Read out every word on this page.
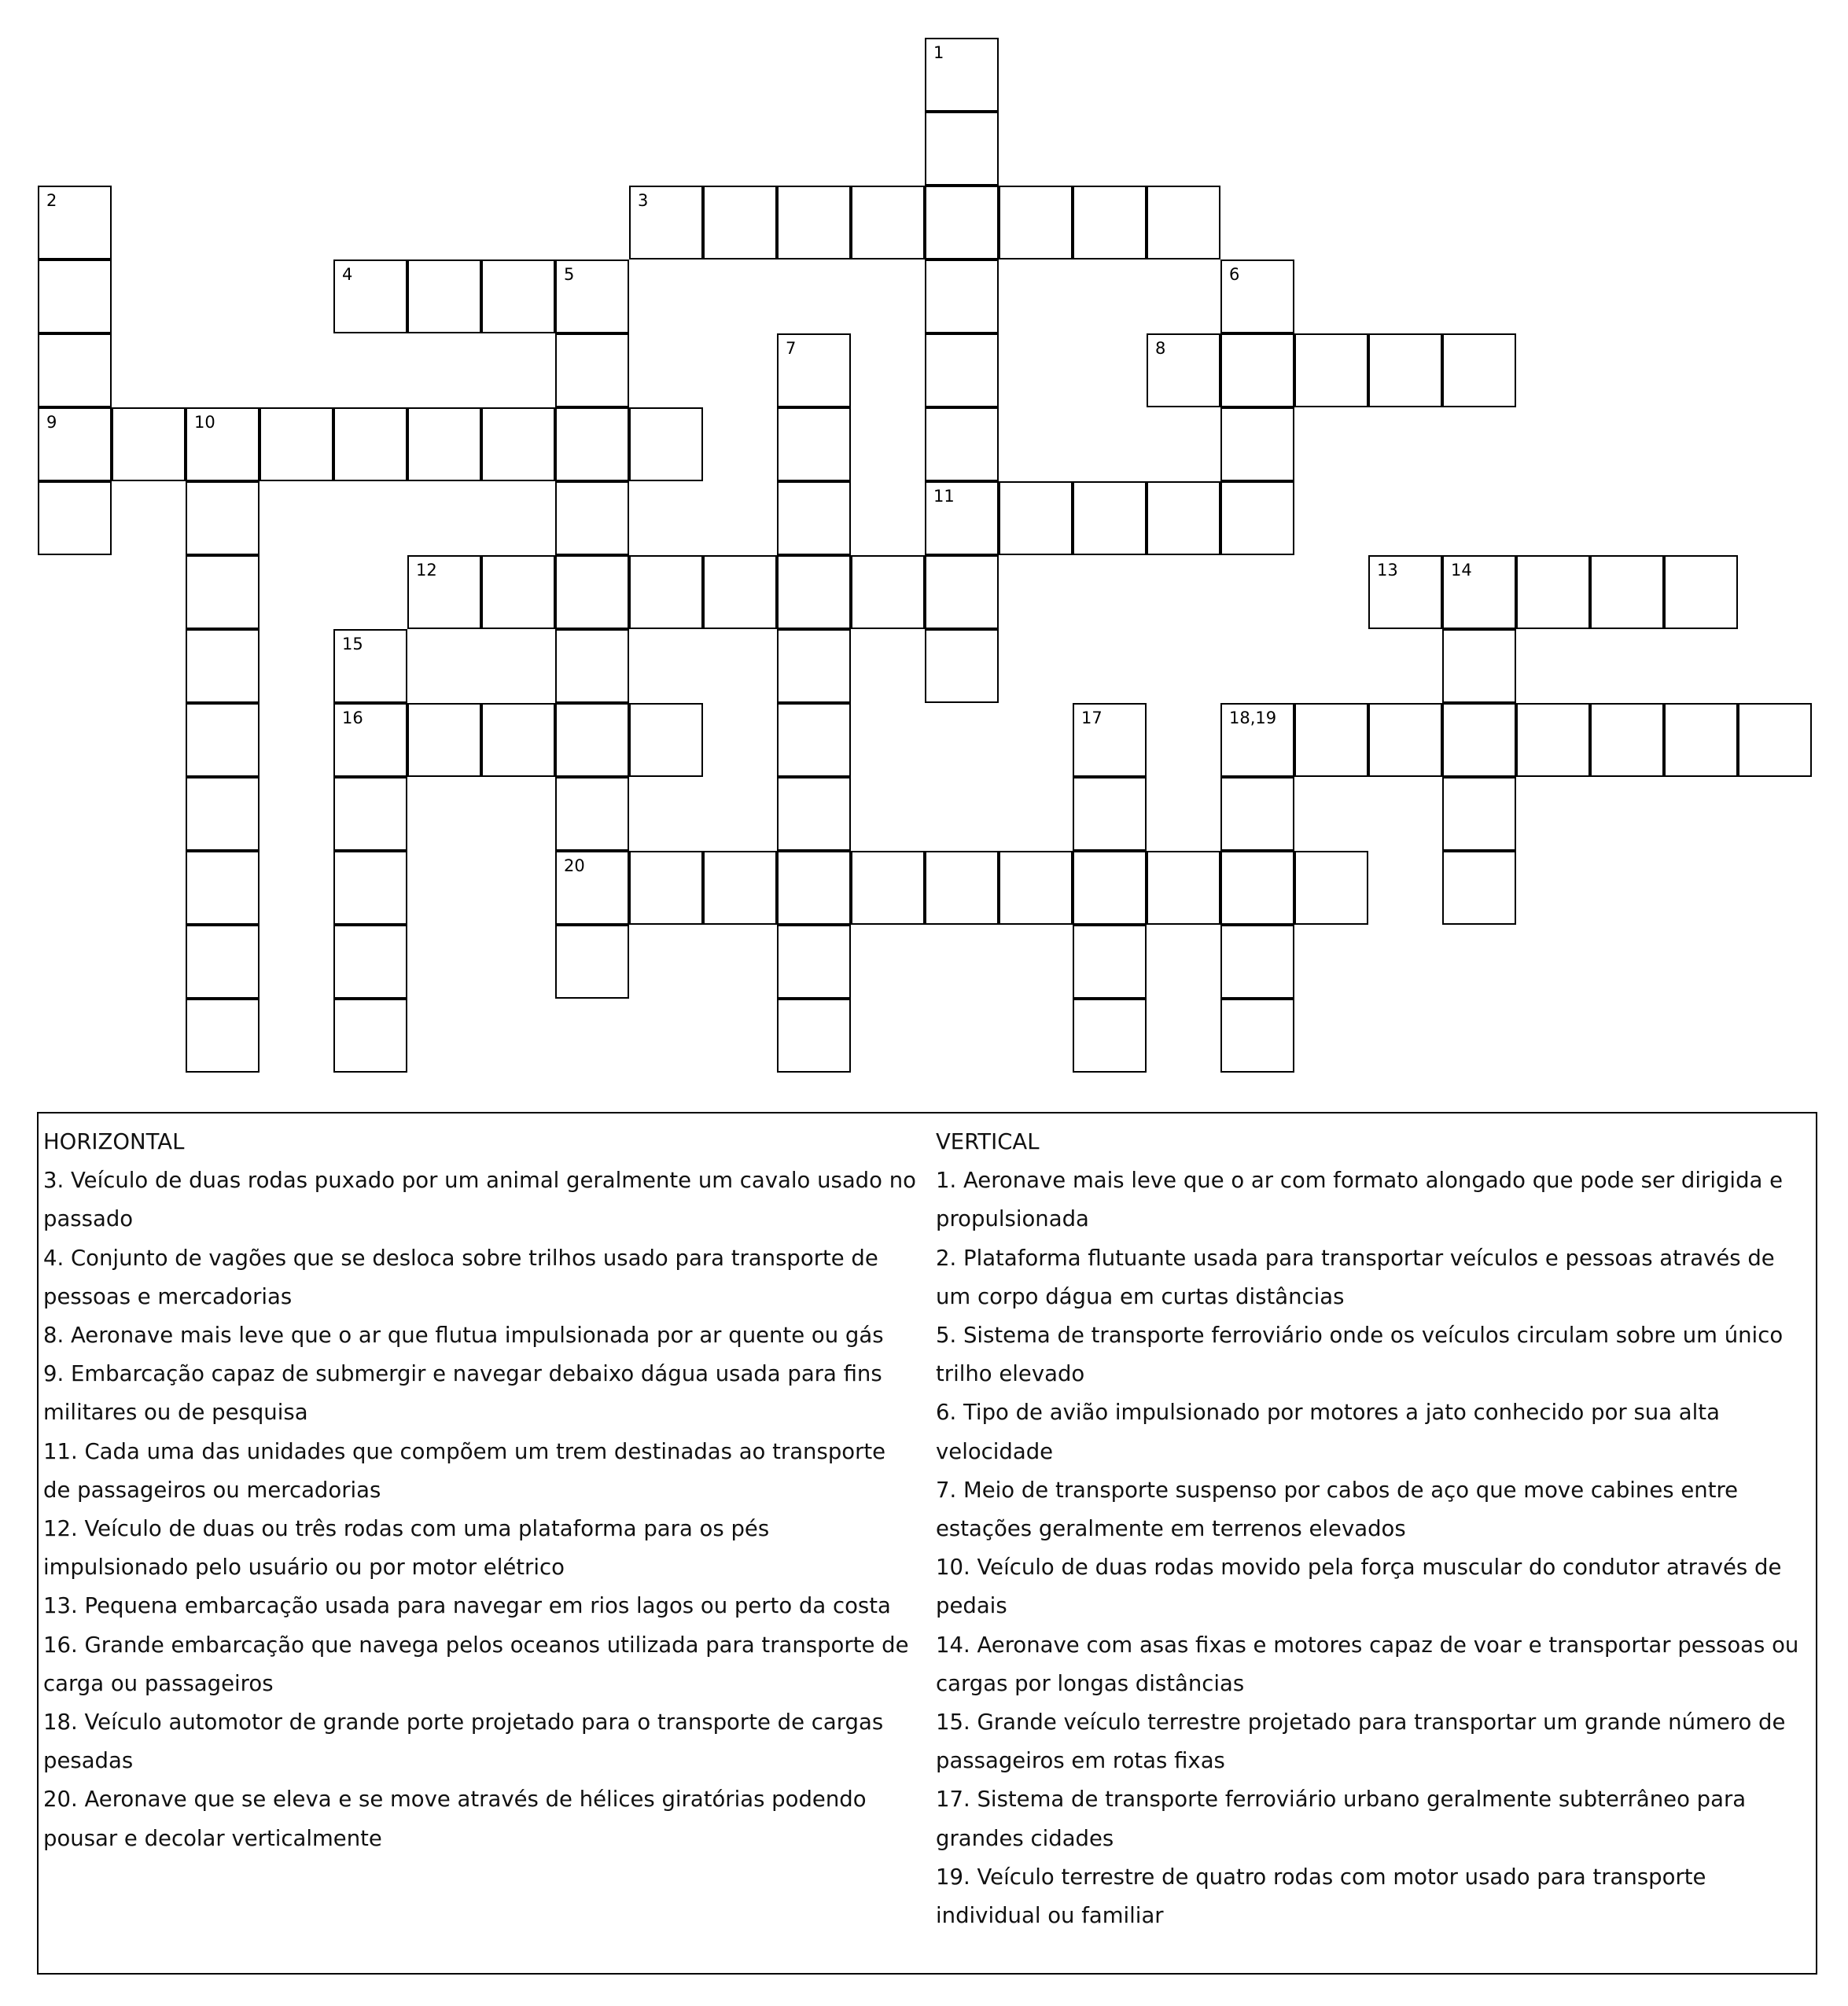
1
2	3
4	5	6
7	8
9	10
11
12	13	14
15
16	17	18,19
20
HORIZONTAL
3. Veículo de duas rodas puxado por um animal geralmente um cavalo usado no passado
4. Conjunto de vagões que se desloca sobre trilhos usado para transporte de pessoas e mercadorias
8. Aeronave mais leve que o ar que flutua impulsionada por ar quente ou gás
9. Embarcação capaz de submergir e navegar debaixo dágua usada para fins militares ou de pesquisa
11. Cada uma das unidades que compõem um trem destinadas ao transporte de passageiros ou mercadorias
12. Veículo de duas ou três rodas com uma plataforma para os pés impulsionado pelo usuário ou por motor elétrico
13. Pequena embarcação usada para navegar em rios lagos ou perto da costa
16. Grande embarcação que navega pelos oceanos utilizada para transporte de carga ou passageiros
18. Veículo automotor de grande porte projetado para o transporte de cargas pesadas
20. Aeronave que se eleva e se move através de hélices giratórias podendo pousar e decolar verticalmente
VERTICAL
1. Aeronave mais leve que o ar com formato alongado que pode ser dirigida e propulsionada
2. Plataforma flutuante usada para transportar veículos e pessoas através de um corpo dágua em curtas distâncias
5. Sistema de transporte ferroviário onde os veículos circulam sobre um único trilho elevado
6. Tipo de avião impulsionado por motores a jato conhecido por sua alta velocidade
7. Meio de transporte suspenso por cabos de aço que move cabines entre estações geralmente em terrenos elevados
10. Veículo de duas rodas movido pela força muscular do condutor através de pedais
14. Aeronave com asas fixas e motores capaz de voar e transportar pessoas ou cargas por longas distâncias
15. Grande veículo terrestre projetado para transportar um grande número de passageiros em rotas fixas
17. Sistema de transporte ferroviário urbano geralmente subterrâneo para grandes cidades
19. Veículo terrestre de quatro rodas com motor usado para transporte individual ou familiar
